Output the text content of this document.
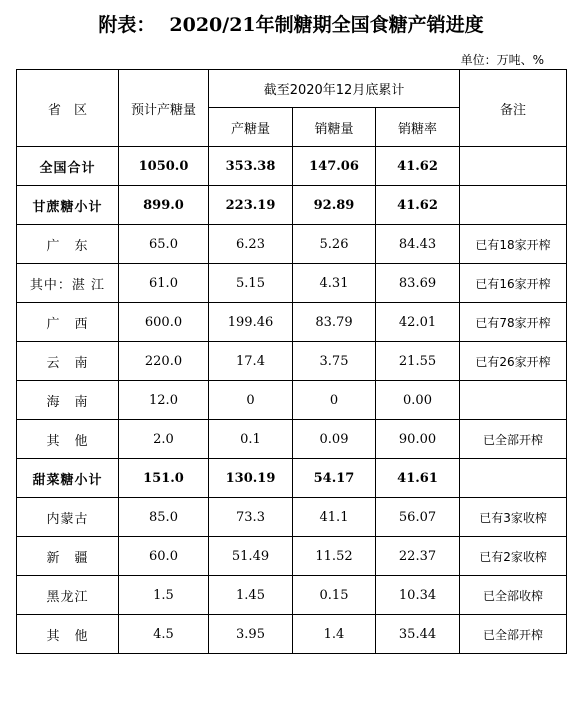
附表： 2020/21年制糖期全国食糖产销进度
单位：万吨、%
省　区	预计产糖量	截至2020年12月底累计			备注
		产糖量	销糖量	销糖率	
全国合计	1050.0	353.38	147.06	41.62	
甘蔗糖小计	899.0	223.19	92.89	41.62	
广　东	65.0	6.23	5.26	84.43	已有18家开榨
其中：湛 江	61.0	5.15	4.31	83.69	已有16家开榨
广　西	600.0	199.46	83.79	42.01	已有78家开榨
云　南	220.0	17.4	3.75	21.55	已有26家开榨
海　南	12.0	0	0	0.00	
其　他	2.0	0.1	0.09	90.00	已全部开榨
甜菜糖小计	151.0	130.19	54.17	41.61	
内蒙古	85.0	73.3	41.1	56.07	已有3家收榨
新　疆	60.0	51.49	11.52	22.37	已有2家收榨
黑龙江	1.5	1.45	0.15	10.34	已全部收榨
其　他	4.5	3.95	1.4	35.44	已全部开榨
